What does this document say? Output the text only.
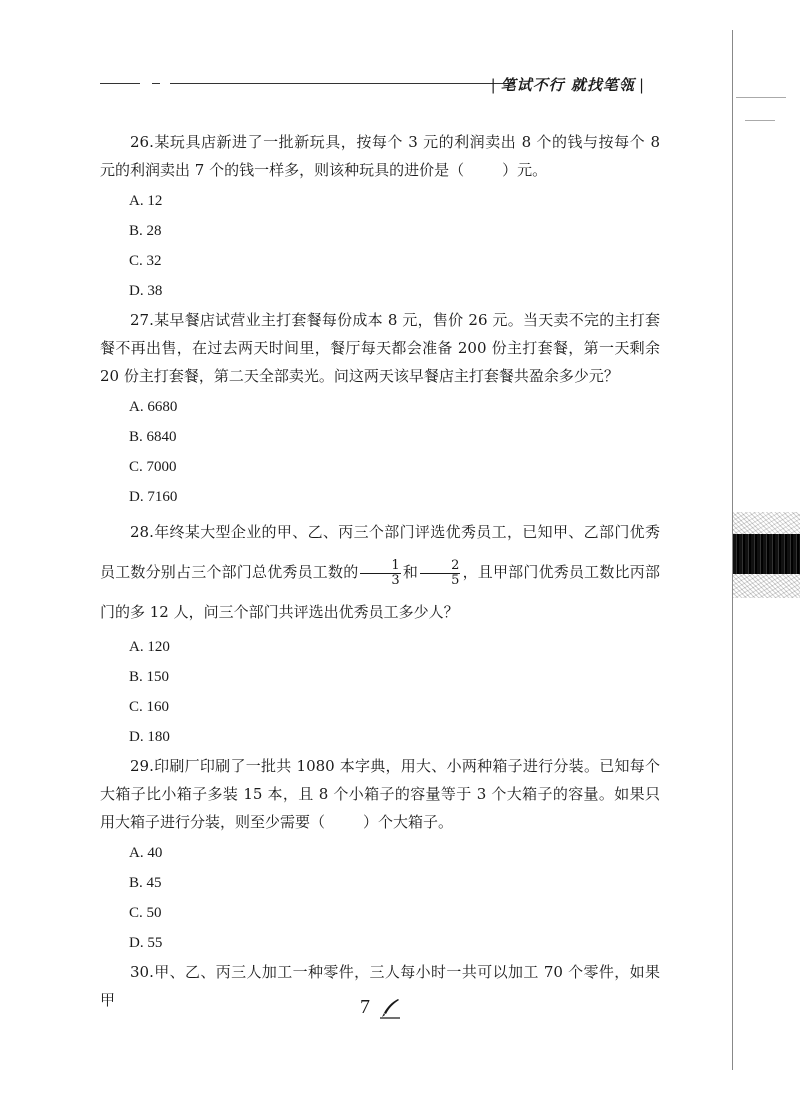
| 笔试不行 就找笔瓴 |

26.某玩具店新进了一批新玩具，按每个 3 元的利润卖出 8 个的钱与按每个 8 元的利润卖出 7 个的钱一样多，则该种玩具的进价是（	）元。

A. 12

B. 28

C. 32

D. 38

27.某早餐店试营业主打套餐每份成本 8 元，售价 26 元。当天卖不完的主打套餐不再出售，在过去两天时间里，餐厅每天都会准备 200 份主打套餐，第一天剩余 20 份主打套餐，第二天全部卖光。问这两天该早餐店主打套餐共盈余多少元？

A. 6680

B. 6840

C. 7000

D. 7160

28.年终某大型企业的甲、乙、丙三个部门评选优秀员工，已知甲、乙部门优秀员工数分别占三个部门总优秀员工数的 $\frac{1}{3}$ 和 $\frac{2}{5}$ ，且甲部门优秀员工数比丙部门的多 12 人，问三个部门共评选出优秀员工多少人？

A. 120

B. 150

C. 160

D. 180

29.印刷厂印刷了一批共 1080 本字典，用大、小两种箱子进行分装。已知每个大箱子比小箱子多装 15 本，且 8 个小箱子的容量等于 3 个大箱子的容量。如果只用大箱子进行分装，则至少需要（	）个大箱子。

A. 40

B. 45

C. 50

D. 55

30.甲、乙、丙三人加工一种零件，三人每小时一共可以加工 70 个零件，如果甲	7
